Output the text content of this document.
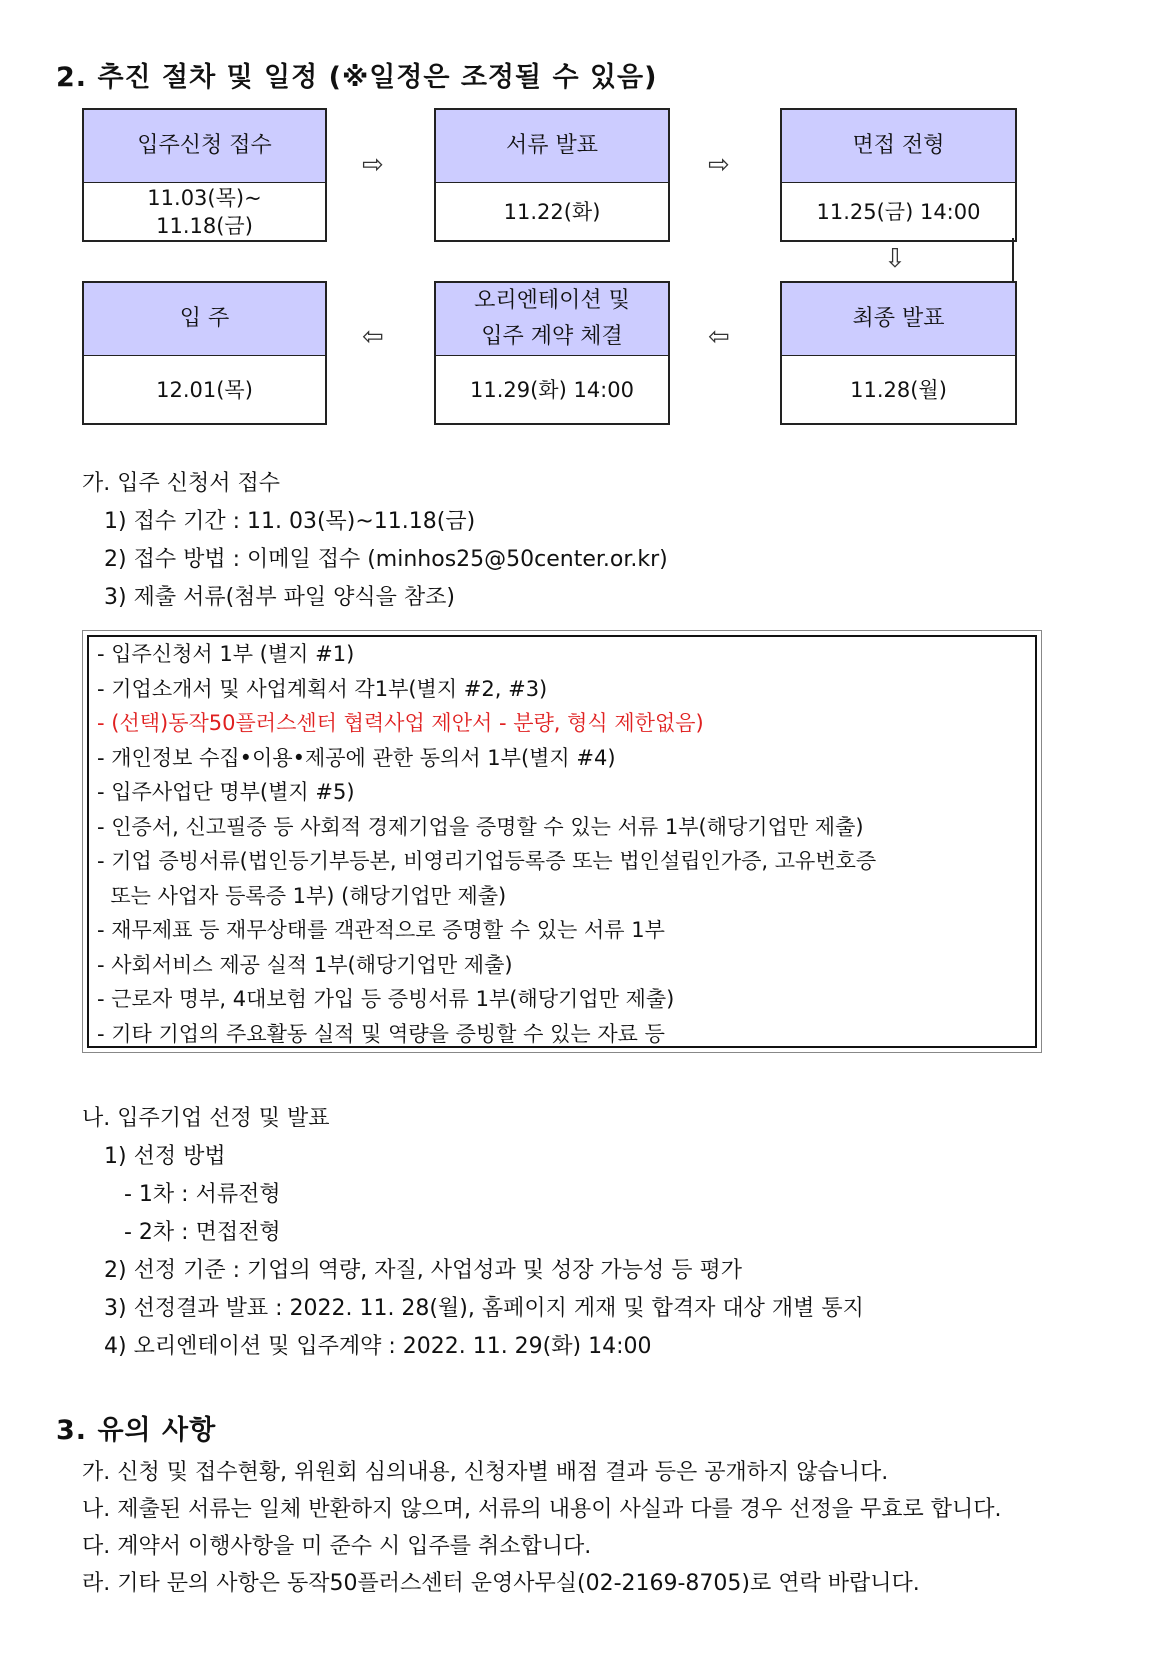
2. 추진 절차 및 일정 (※일정은 조정될 수 있음)
입주신청 접수
11.03(목)~
11.18(금)
서류 발표
11.22(화)
면접 전형
11.25(금) 14:00
최종 발표
11.28(월)
오리엔테이션 및
입주 계약 체결
11.29(화) 14:00
입 주
12.01(목)
⇨	⇨
⇩
⇦
⇦
가. 입주 신청서 접수
1) 접수 기간 : 11. 03(목)~11.18(금)
2) 접수 방법 : 이메일 접수 (minhos25@50center.or.kr)
3) 제출 서류(첨부 파일 양식을 참조)
- 입주신청서 1부 (별지 #1)
- 기업소개서 및 사업계획서 각1부(별지 #2, #3)
- (선택)동작50플러스센터 협력사업 제안서 - 분량, 형식 제한없음)
- 개인정보 수집•이용•제공에 관한 동의서 1부(별지 #4)
- 입주사업단 명부(별지 #5)
- 인증서, 신고필증 등 사회적 경제기업을 증명할 수 있는 서류 1부(해당기업만 제출)
- 기업 증빙서류(법인등기부등본, 비영리기업등록증 또는 법인설립인가증, 고유번호증
또는 사업자 등록증 1부) (해당기업만 제출)
- 재무제표 등 재무상태를 객관적으로 증명할 수 있는 서류 1부
- 사회서비스 제공 실적 1부(해당기업만 제출)
- 근로자 명부, 4대보험 가입 등 증빙서류 1부(해당기업만 제출)
- 기타 기업의 주요활동 실적 및 역량을 증빙할 수 있는 자료 등
나. 입주기업 선정 및 발표
1) 선정 방법
- 1차 : 서류전형
- 2차 : 면접전형
2) 선정 기준 : 기업의 역량, 자질, 사업성과 및 성장 가능성 등 평가
3) 선정결과 발표 : 2022. 11. 28(월), 홈페이지 게재 및 합격자 대상 개별 통지
4) 오리엔테이션 및 입주계약 : 2022. 11. 29(화) 14:00
3. 유의 사항
가. 신청 및 접수현황, 위원회 심의내용, 신청자별 배점 결과 등은 공개하지 않습니다.
나. 제출된 서류는 일체 반환하지 않으며, 서류의 내용이 사실과 다를 경우 선정을 무효로 합니다.
다. 계약서 이행사항을 미 준수 시 입주를 취소합니다.
라. 기타 문의 사항은 동작50플러스센터 운영사무실(02-2169-8705)로 연락 바랍니다.
